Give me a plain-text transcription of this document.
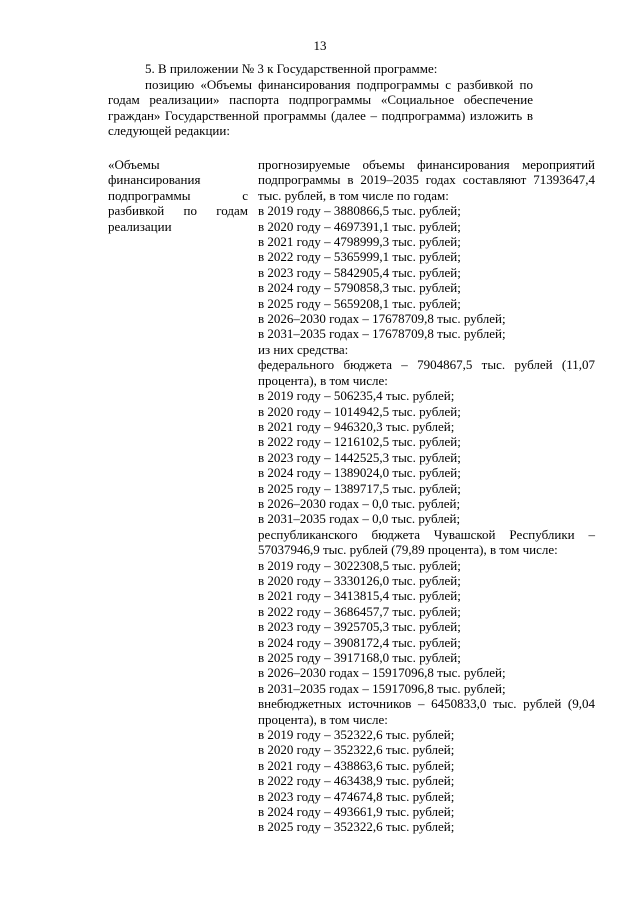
13

5. В приложении № 3 к Государственной программе:

позицию «Объемы финансирования подпрограммы с разбивкой по годам реализации» паспорта подпрограммы «Социальное обеспечение граждан» Государственной программы (далее – подпрограмма) изложить в следующей редакции:

«Объемы финансирования подпрограммы с разбивкой по годам реализации
прогнозируемые объемы финансирования мероприятий подпрограммы в 2019–2035 годах составляют 71393647,4 тыс. рублей, в том числе по годам:
в 2019 году – 3880866,5 тыс. рублей;
в 2020 году – 4697391,1 тыс. рублей;
в 2021 году – 4798999,3 тыс. рублей;
в 2022 году – 5365999,1 тыс. рублей;
в 2023 году – 5842905,4 тыс. рублей;
в 2024 году – 5790858,3 тыс. рублей;
в 2025 году – 5659208,1 тыс. рублей;
в 2026–2030 годах – 17678709,8 тыс. рублей;
в 2031–2035 годах – 17678709,8 тыс. рублей;
из них средства:
федерального бюджета – 7904867,5 тыс. рублей (11,07 процента), в том числе:
в 2019 году – 506235,4 тыс. рублей;
в 2020 году – 1014942,5 тыс. рублей;
в 2021 году – 946320,3 тыс. рублей;
в 2022 году – 1216102,5 тыс. рублей;
в 2023 году – 1442525,3 тыс. рублей;
в 2024 году – 1389024,0 тыс. рублей;
в 2025 году – 1389717,5 тыс. рублей;
в 2026–2030 годах – 0,0 тыс. рублей;
в 2031–2035 годах – 0,0 тыс. рублей;
республиканского бюджета Чувашской Республики – 57037946,9 тыс. рублей (79,89 процента), в том числе:
в 2019 году – 3022308,5 тыс. рублей;
в 2020 году – 3330126,0 тыс. рублей;
в 2021 году – 3413815,4 тыс. рублей;
в 2022 году – 3686457,7 тыс. рублей;
в 2023 году – 3925705,3 тыс. рублей;
в 2024 году – 3908172,4 тыс. рублей;
в 2025 году – 3917168,0 тыс. рублей;
в 2026–2030 годах – 15917096,8 тыс. рублей;
в 2031–2035 годах – 15917096,8 тыс. рублей;
внебюджетных источников – 6450833,0 тыс. рублей (9,04 процента), в том числе:
в 2019 году – 352322,6 тыс. рублей;
в 2020 году – 352322,6 тыс. рублей;
в 2021 году – 438863,6 тыс. рублей;
в 2022 году – 463438,9 тыс. рублей;
в 2023 году – 474674,8 тыс. рублей;
в 2024 году – 493661,9 тыс. рублей;
в 2025 году – 352322,6 тыс. рублей;
